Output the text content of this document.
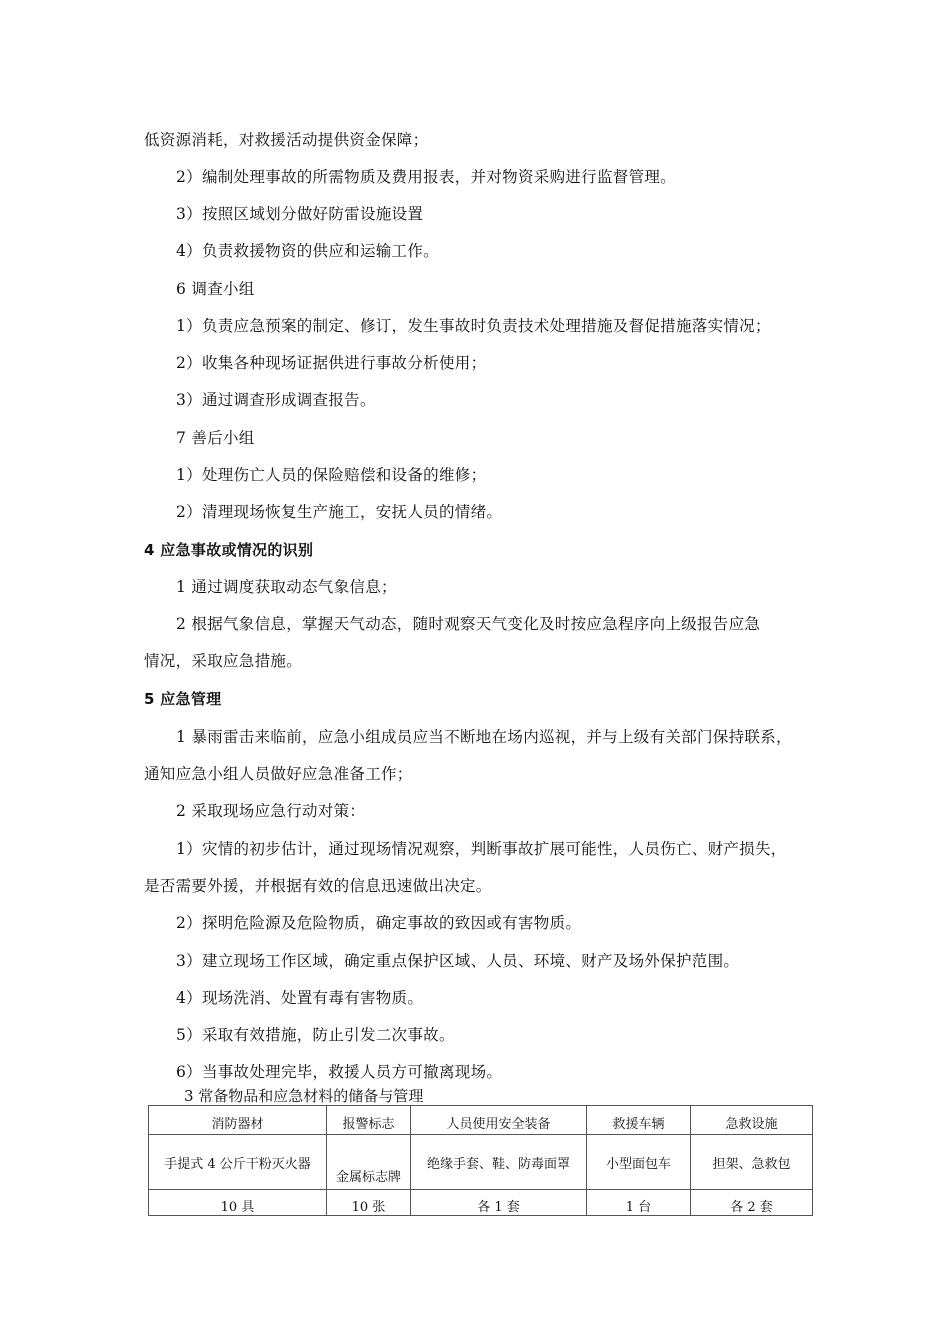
低资源消耗，对救援活动提供资金保障；
2）编制处理事故的所需物质及费用报表，并对物资采购进行监督管理。
3）按照区域划分做好防雷设施设置
4）负责救援物资的供应和运输工作。
6 调查小组
1）负责应急预案的制定、修订，发生事故时负责技术处理措施及督促措施落实情况；
2）收集各种现场证据供进行事故分析使用；
3）通过调查形成调查报告。
7 善后小组
1）处理伤亡人员的保险赔偿和设备的维修；
2）清理现场恢复生产施工，安抚人员的情绪。
4 应急事故或情况的识别
1 通过调度获取动态气象信息；
2 根据气象信息，掌握天气动态，随时观察天气变化及时按应急程序向上级报告应急
情况，采取应急措施。
5 应急管理
1 暴雨雷击来临前，应急小组成员应当不断地在场内巡视，并与上级有关部门保持联系，
通知应急小组人员做好应急准备工作；
2 采取现场应急行动对策：
1）灾情的初步估计，通过现场情况观察，判断事故扩展可能性，人员伤亡、财产损失，
是否需要外援，并根据有效的信息迅速做出决定。
2）探明危险源及危险物质，确定事故的致因或有害物质。
3）建立现场工作区域，确定重点保护区域、人员、环境、财产及场外保护范围。
4）现场洗消、处置有毒有害物质。
5）采取有效措施，防止引发二次事故。
6）当事故处理完毕，救援人员方可撤离现场。
3 常备物品和应急材料的储备与管理
消防器材	报警标志	人员使用安全装备	救援车辆	急救设施
手提式 4 公斤干粉灭火器	金属标志牌	绝缘手套、鞋、防毒面罩	小型面包车	担架、急救包
10 具	10 张	各 1 套	1 台	各 2 套
